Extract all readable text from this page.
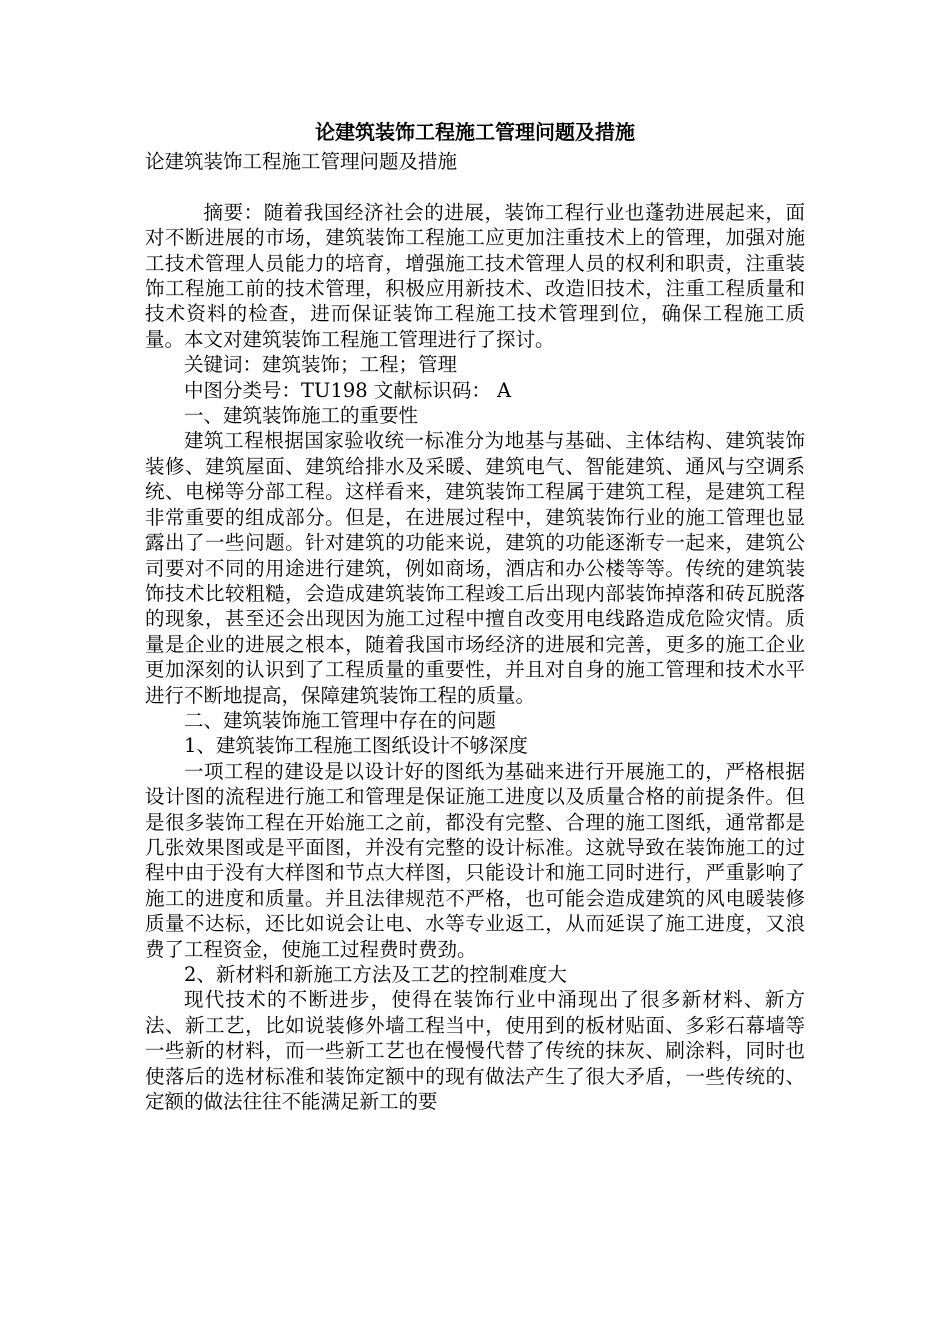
论建筑装饰工程施工管理问题及措施
论建筑装饰工程施工管理问题及措施

摘要：随着我国经济社会的进展，装饰工程行业也蓬勃进展起来，面对不断进展的市场，建筑装饰工程施工应更加注重技术上的管理，加强对施工技术管理人员能力的培育，增强施工技术管理人员的权利和职责，注重装饰工程施工前的技术管理，积极应用新技术、改造旧技术，注重工程质量和技术资料的检查，进而保证装饰工程施工技术管理到位，确保工程施工质量。本文对建筑装饰工程施工管理进行了探讨。

关键词：建筑装饰；工程；管理

中图分类号：TU198 文献标识码： A

一、建筑装饰施工的重要性

建筑工程根据国家验收统一标准分为地基与基础、主体结构、建筑装饰装修、建筑屋面、建筑给排水及采暖、建筑电气、智能建筑、通风与空调系统、电梯等分部工程。这样看来，建筑装饰工程属于建筑工程，是建筑工程非常重要的组成部分。但是，在进展过程中，建筑装饰行业的施工管理也显露出了一些问题。针对建筑的功能来说，建筑的功能逐渐专一起来，建筑公司要对不同的用途进行建筑，例如商场，酒店和办公楼等等。传统的建筑装饰技术比较粗糙，会造成建筑装饰工程竣工后出现内部装饰掉落和砖瓦脱落的现象，甚至还会出现因为施工过程中擅自改变用电线路造成危险灾情。质量是企业的进展之根本，随着我国市场经济的进展和完善，更多的施工企业更加深刻的认识到了工程质量的重要性，并且对自身的施工管理和技术水平进行不断地提高，保障建筑装饰工程的质量。

二、建筑装饰施工管理中存在的问题

1、建筑装饰工程施工图纸设计不够深度

一项工程的建设是以设计好的图纸为基础来进行开展施工的，严格根据设计图的流程进行施工和管理是保证施工进度以及质量合格的前提条件。但是很多装饰工程在开始施工之前，都没有完整、合理的施工图纸，通常都是几张效果图或是平面图，并没有完整的设计标准。这就导致在装饰施工的过程中由于没有大样图和节点大样图，只能设计和施工同时进行，严重影响了施工的进度和质量。并且法律规范不严格，也可能会造成建筑的风电暖装修质量不达标，还比如说会让电、水等专业返工，从而延误了施工进度，又浪费了工程资金，使施工过程费时费劲。

2、新材料和新施工方法及工艺的控制难度大

现代技术的不断进步，使得在装饰行业中涌现出了很多新材料、新方法、新工艺，比如说装修外墙工程当中，使用到的板材贴面、多彩石幕墙等一些新的材料，而一些新工艺也在慢慢代替了传统的抹灰、刷涂料，同时也使落后的选材标准和装饰定额中的现有做法产生了很大矛盾，一些传统的、定额的做法往往不能满足新工的要
